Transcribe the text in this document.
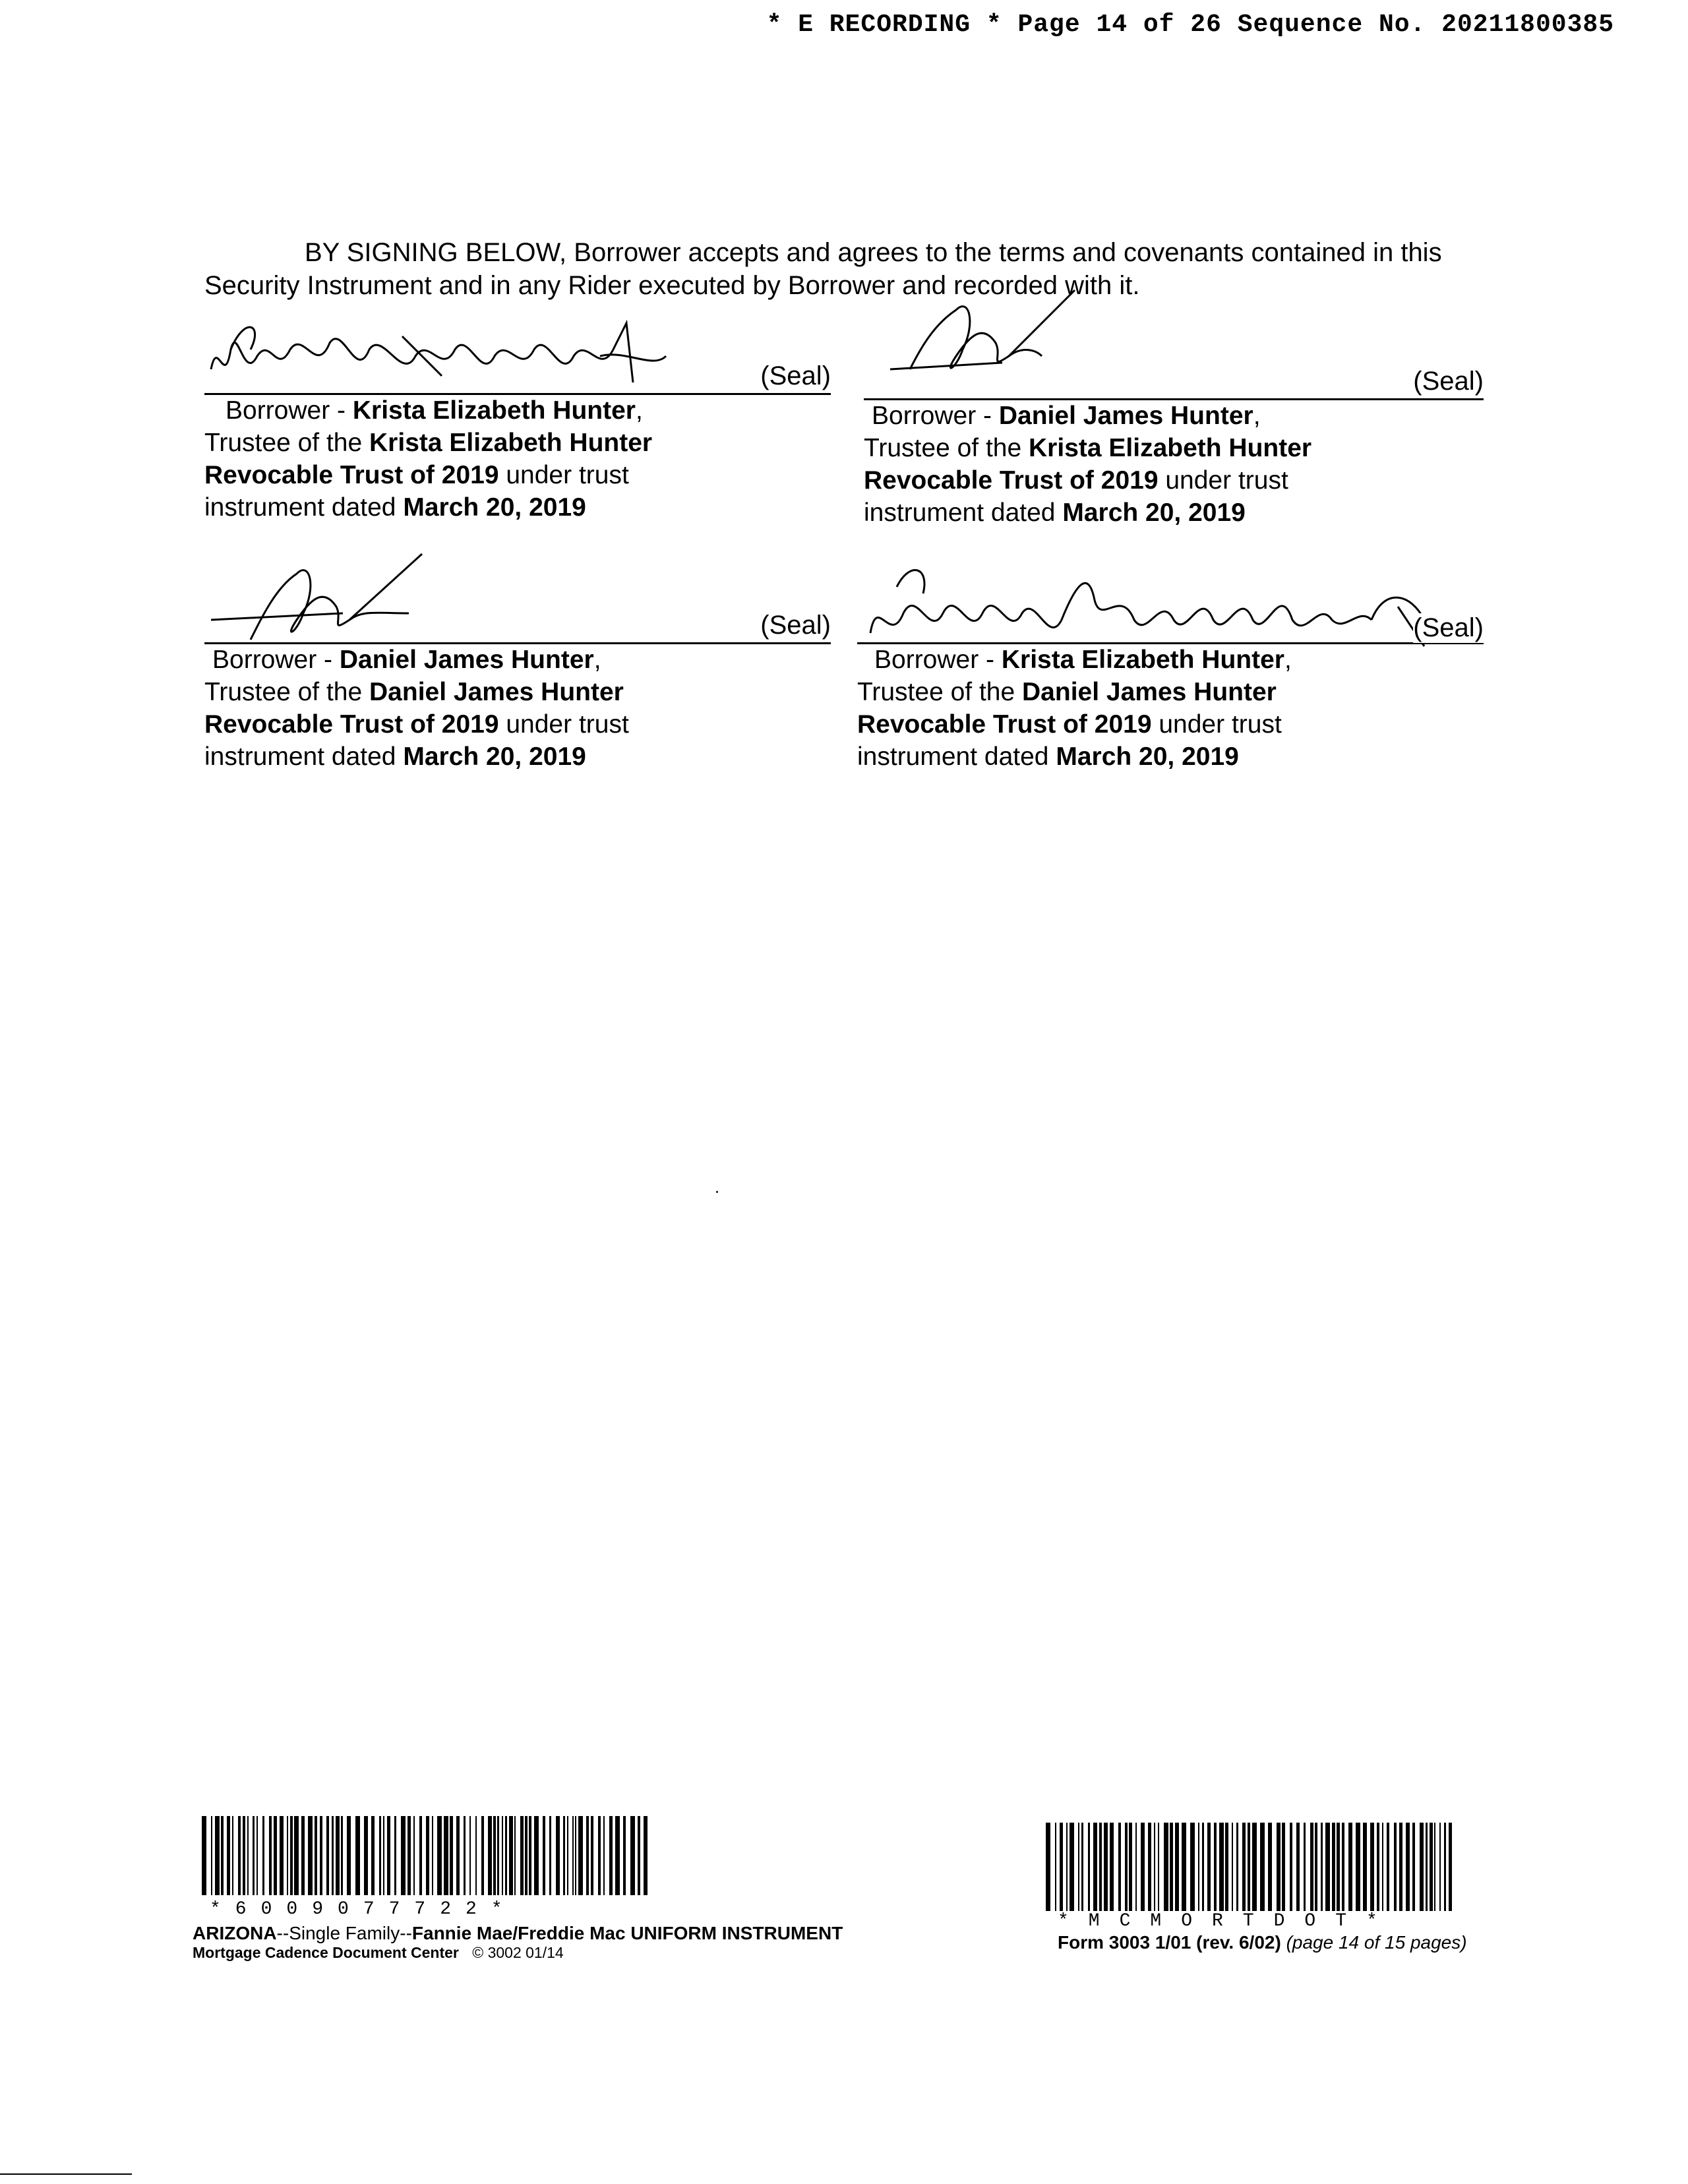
* E RECORDING * Page 14 of 26 Sequence No. 20211800385
BY SIGNING BELOW, Borrower accepts and agrees to the terms and covenants contained in this
Security Instrument and in any Rider executed by Borrower and recorded with it.
(Seal)
Borrower - Krista Elizabeth Hunter, Trustee of the Krista Elizabeth Hunter Revocable Trust of 2019 under trust instrument dated March 20, 2019
(Seal)
Borrower - Daniel James Hunter, Trustee of the Krista Elizabeth Hunter Revocable Trust of 2019 under trust instrument dated March 20, 2019
(Seal)
Borrower - Daniel James Hunter, Trustee of the Daniel James Hunter Revocable Trust of 2019 under trust instrument dated March 20, 2019
(Seal)
Borrower - Krista Elizabeth Hunter, Trustee of the Daniel James Hunter Revocable Trust of 2019 under trust instrument dated March 20, 2019
*6009077722*
*MCMORTDOT*
ARIZONA--Single Family--Fannie Mae/Freddie Mac UNIFORM INSTRUMENT
Mortgage Cadence Document Center © 3002 01/14	Form 3003 1/01 (rev. 6/02) (page 14 of 15 pages)
